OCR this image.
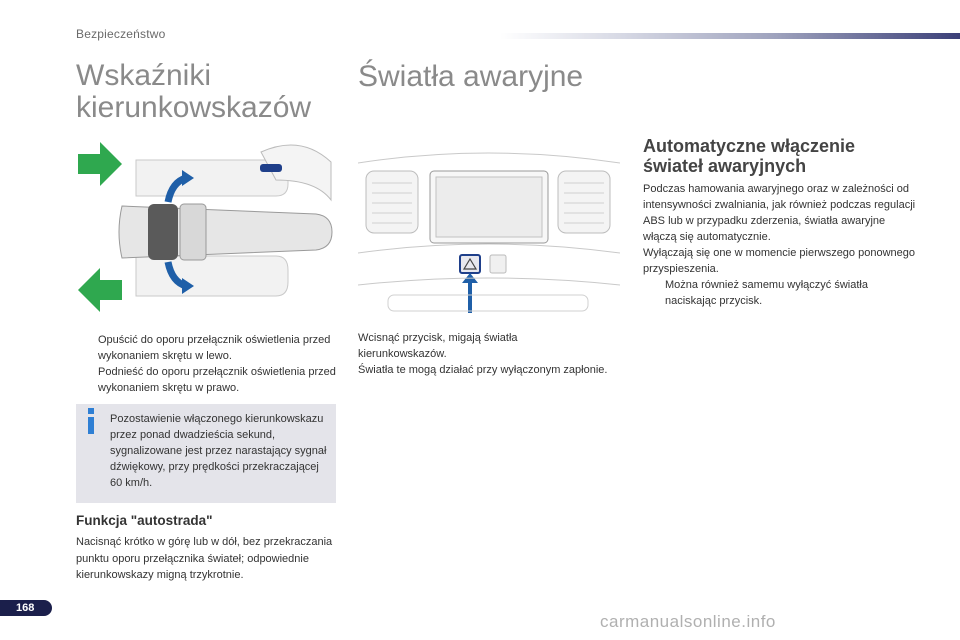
Bezpieczeństwo
Wskaźniki
kierunkowskazów
Światła awaryjne
Opuścić do oporu przełącznik oświetlenia przed wykonaniem skrętu w lewo.
Podnieść do oporu przełącznik oświetlenia przed wykonaniem skrętu w prawo.
Pozostawienie włączonego kierunkowskazu przez ponad dwadzieścia sekund, sygnalizowane jest przez narastający sygnał dźwiękowy, przy prędkości przekraczającej 60 km/h.
Funkcja "autostrada"
Nacisnąć krótko w górę lub w dół, bez przekraczania punktu oporu przełącznika świateł; odpowiednie kierunkowskazy migną trzykrotnie.
Wcisnąć przycisk, migają światła kierunkowskazów.
Światła te mogą działać przy wyłączonym zapłonie.
Automatyczne włączenie
świateł awaryjnych
Podczas hamowania awaryjnego oraz w zależności od intensywności zwalniania, jak również podczas regulacji ABS lub w przypadku zderzenia, światła awaryjne włączą się automatycznie.
Wyłączają się one w momencie pierwszego ponownego przyspieszenia.
Można również samemu wyłączyć światła naciskając przycisk.
168
carmanualsonline.info
